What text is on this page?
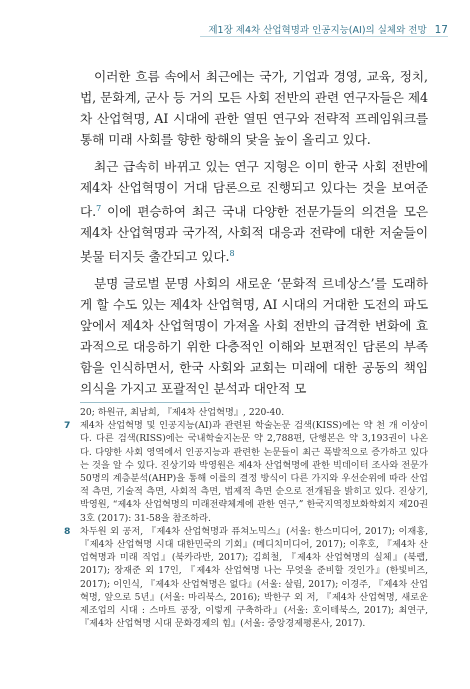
제1장 제4차 산업혁명과 인공지능(AI)의 실체와 전망 17

이러한 흐름 속에서 최근에는 국가, 기업과 경영, 교육, 정치, 법, 문화계, 군사 등 거의 모든 사회 전반의 관련 연구자들은 제4차 산업혁명, AI 시대에 관한 열띤 연구와 전략적 프레임워크를 통해 미래 사회를 향한 항해의 닻을 높이 올리고 있다.

최근 급속히 바뀌고 있는 연구 지형은 이미 한국 사회 전반에 제4차 산업혁명이 거대 담론으로 진행되고 있다는 것을 보여준다.$^7$ 이에 편승하여 최근 국내 다양한 전문가들의 의견을 모은 제4차 산업혁명과 국가적, 사회적 대응과 전략에 대한 저술들이 봇물 터지듯 출간되고 있다.$^8$

분명 글로벌 문명 사회의 새로운 ‘문화적 르네상스’를 도래하게 할 수도 있는 제4차 산업혁명, AI 시대의 거대한 도전의 파도 앞에서 제4차 산업혁명이 가져올 사회 전반의 급격한 변화에 효과적으로 대응하기 위한 다층적인 이해와 보편적인 담론의 부족함을 인식하면서, 한국 사회와 교회는 미래에 대한 공동의 책임 의식을 가지고 포괄적인 분석과 대안적 모

20; 하원규, 최남희, 『제4차 산업혁명』, 220-40.
7	제4차 산업혁명 및 인공지능(AI)과 관련된 학술논문 검색(KISS)에는 약 천 개 이상이다. 다른 검색(RISS)에는 국내학술지논문 약 2,788편, 단행본은 약 3,193권이 나온다. 다양한 사회 영역에서 인공지능과 관련한 논문들이 최근 폭발적으로 증가하고 있다는 것을 알 수 있다. 진상기와 박영원은 제4차 산업혁명에 관한 빅데이터 조사와 전문가 50명의 계층분석(AHP)을 통해 이를의 결정 방식이 다른 가지와 우선순위에 따라 산업적 측면, 기술적 측면, 사회적 측면, 법제적 측면 순으로 전개됨을 밝히고 있다. 진상기, 박영원, “제4차 산업혁명의 미래전략체계에 관한 연구,” 한국지역정보화학회지 제20권 3호 (2017): 31-58을 참조하라.
8	차두원 외 공저, 『제4차 산업혁명과 퓨쳐노믹스』(서울: 한스미디어, 2017); 이재홍, 『제4차 산업혁명 시대 대한민국의 기회』(메디치미디어, 2017); 이후호, 『제4차 산업혁명과 미래 직업』(북카라반, 2017); 김희철, 『제4차 산업혁명의 실체』(북랩, 2017); 장재준 외 17인, 『제4차 산업혁명 나는 무엇을 준비할 것인가』(한빛비즈, 2017); 이인식, 『제4차 산업혁명은 없다』(서울: 살림, 2017); 이경주, 『제4차 산업혁명, 앞으로 5년』(서울: 마리북스, 2016); 박한구 외 저, 『제4차 산업혁명, 새로운 제조업의 시대 : 스마트 공장, 이렇게 구축하라』(서울: 호이테북스, 2017); 최연구, 『제4차 산업혁명 시대 문화경제의 힘』(서울: 중앙경제평론사, 2017).
